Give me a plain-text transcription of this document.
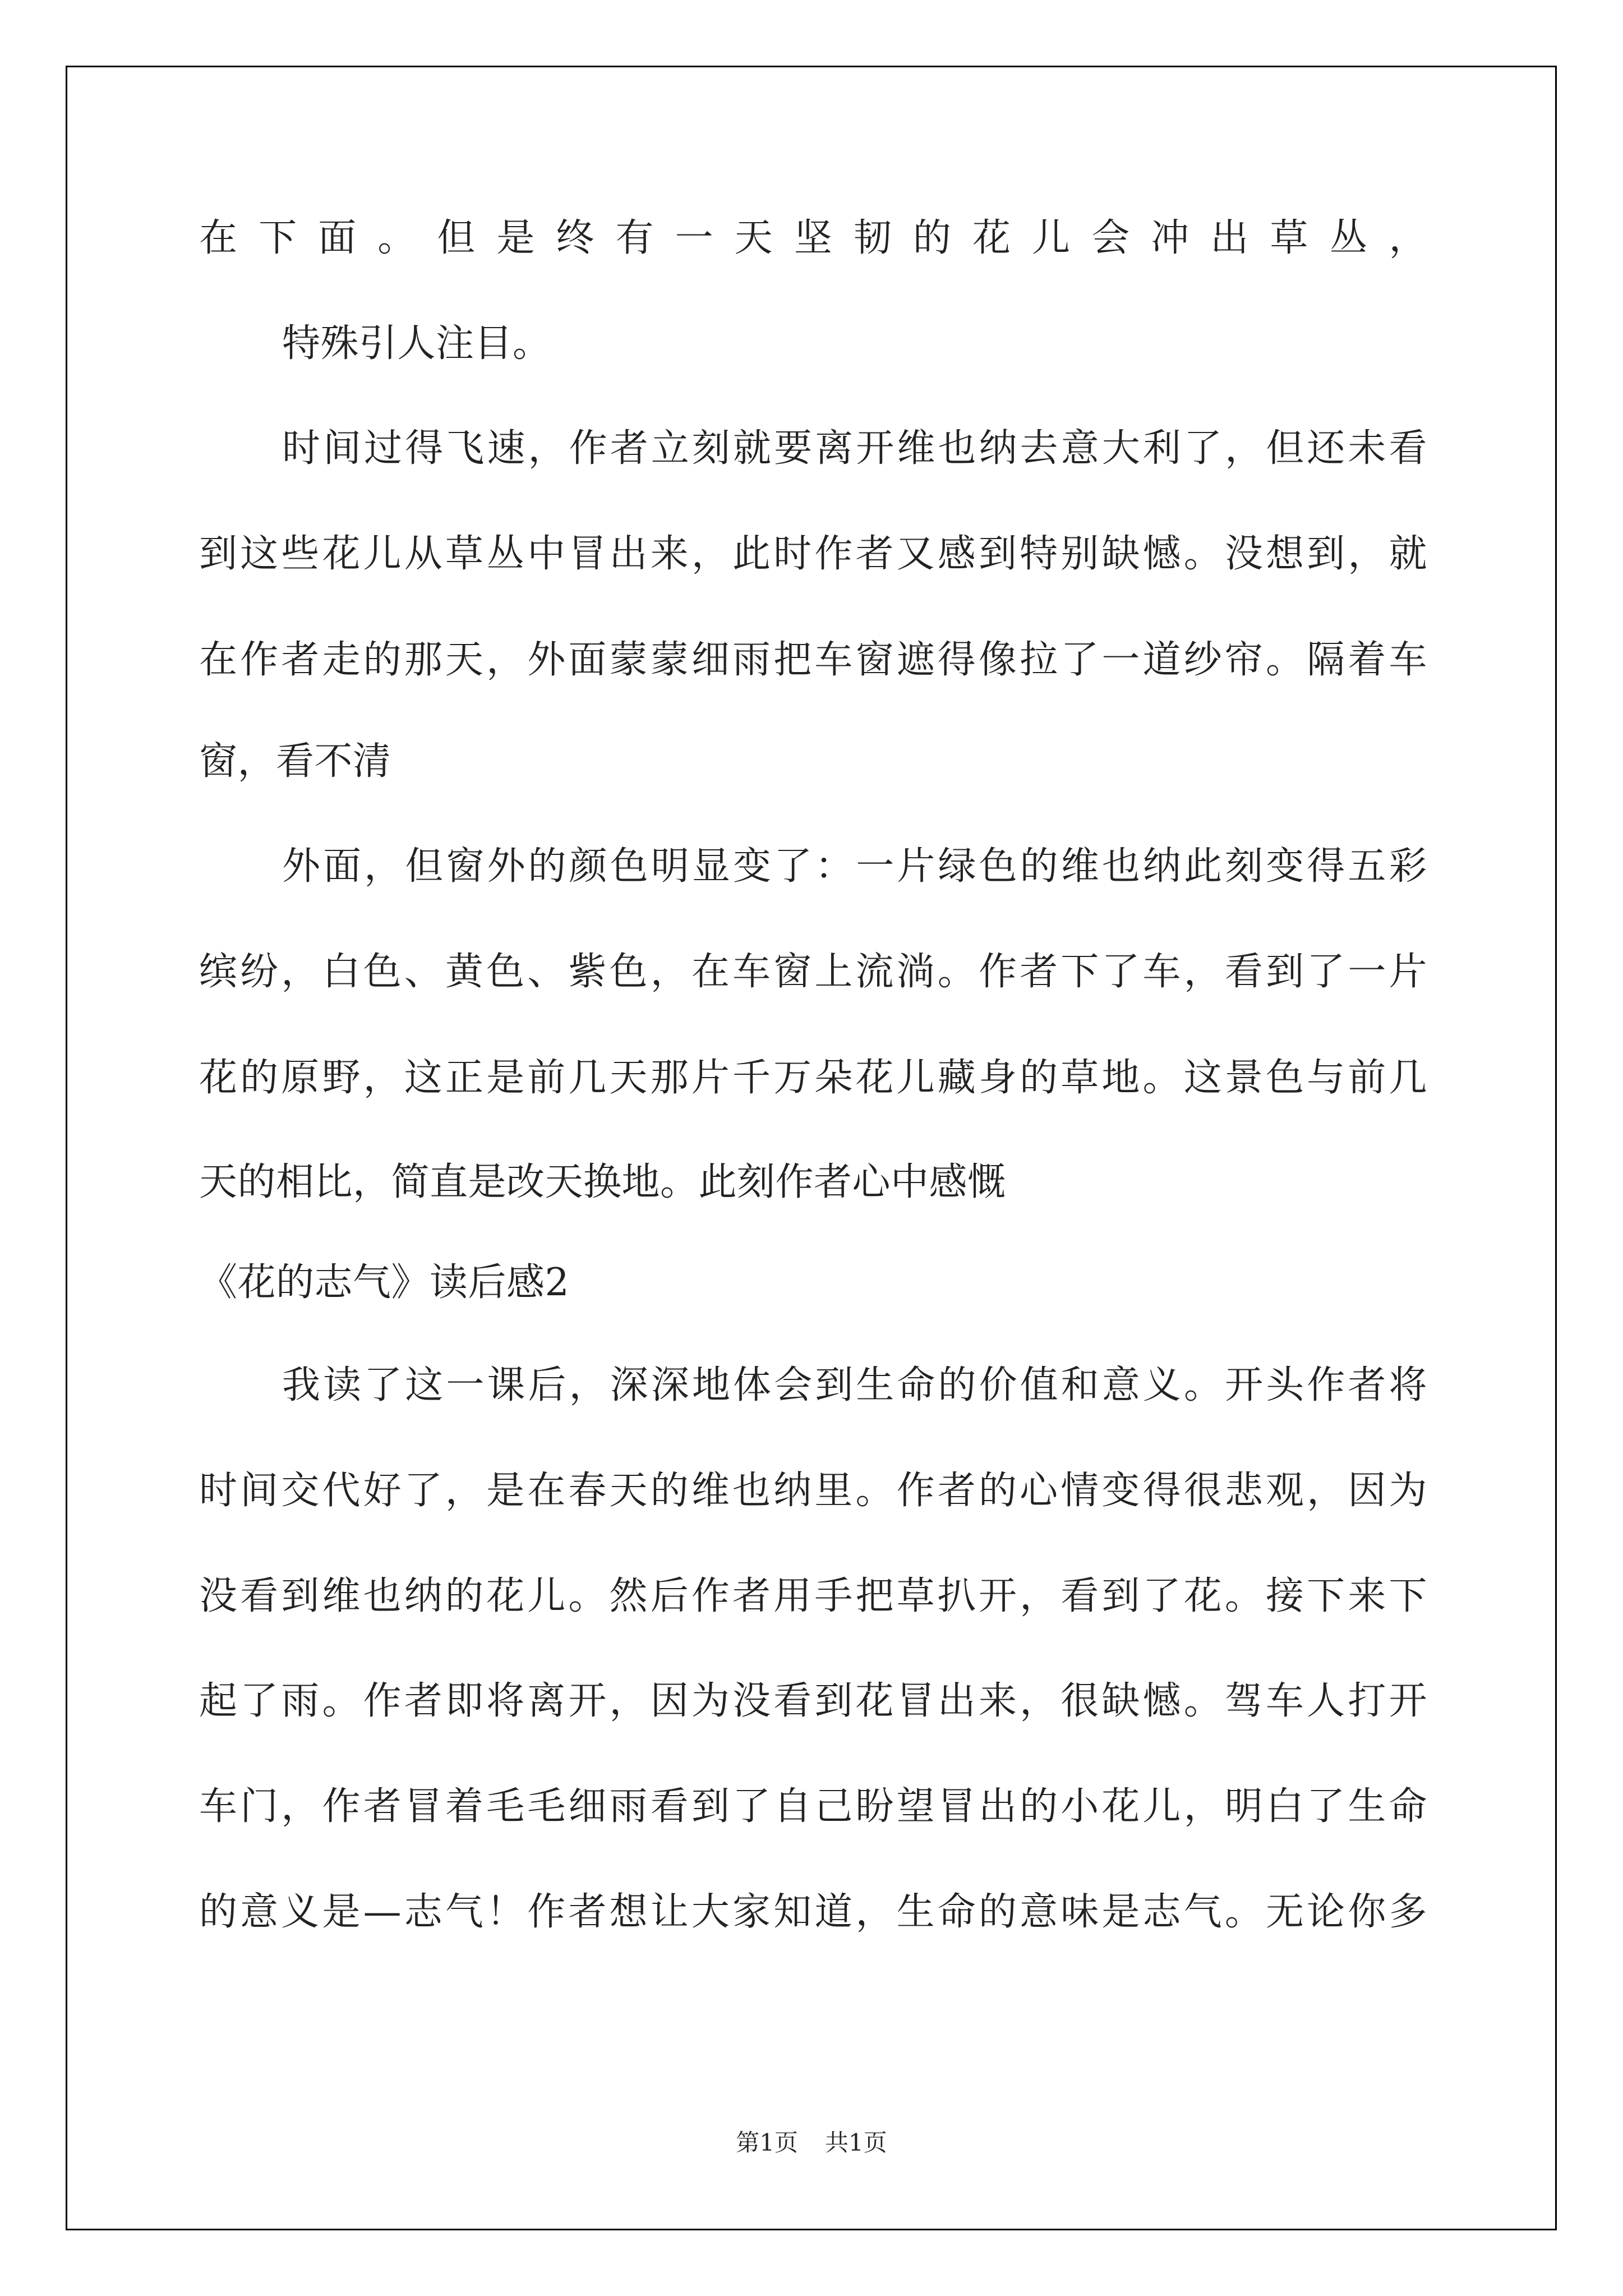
在下面。但是终有一天坚韧的花儿会冲出草丛，
特殊引人注目。
时间过得飞速，作者立刻就要离开维也纳去意大利了，但还未看
到这些花儿从草丛中冒出来，此时作者又感到特别缺憾。没想到，就
在作者走的那天，外面蒙蒙细雨把车窗遮得像拉了一道纱帘。隔着车
窗，看不清
外面，但窗外的颜色明显变了：一片绿色的维也纳此刻变得五彩
缤纷，白色、黄色、紫色，在车窗上流淌。作者下了车，看到了一片
花的原野，这正是前几天那片千万朵花儿藏身的草地。这景色与前几
天的相比，简直是改天换地。此刻作者心中感慨
《花的志气》读后感2
我读了这一课后，深深地体会到生命的价值和意义。开头作者将
时间交代好了，是在春天的维也纳里。作者的心情变得很悲观，因为
没看到维也纳的花儿。然后作者用手把草扒开，看到了花。接下来下
起了雨。作者即将离开，因为没看到花冒出来，很缺憾。驾车人打开
车门，作者冒着毛毛细雨看到了自己盼望冒出的小花儿，明白了生命
的意义是—志气！作者想让大家知道，生命的意味是志气。无论你多
第1页 共1页
